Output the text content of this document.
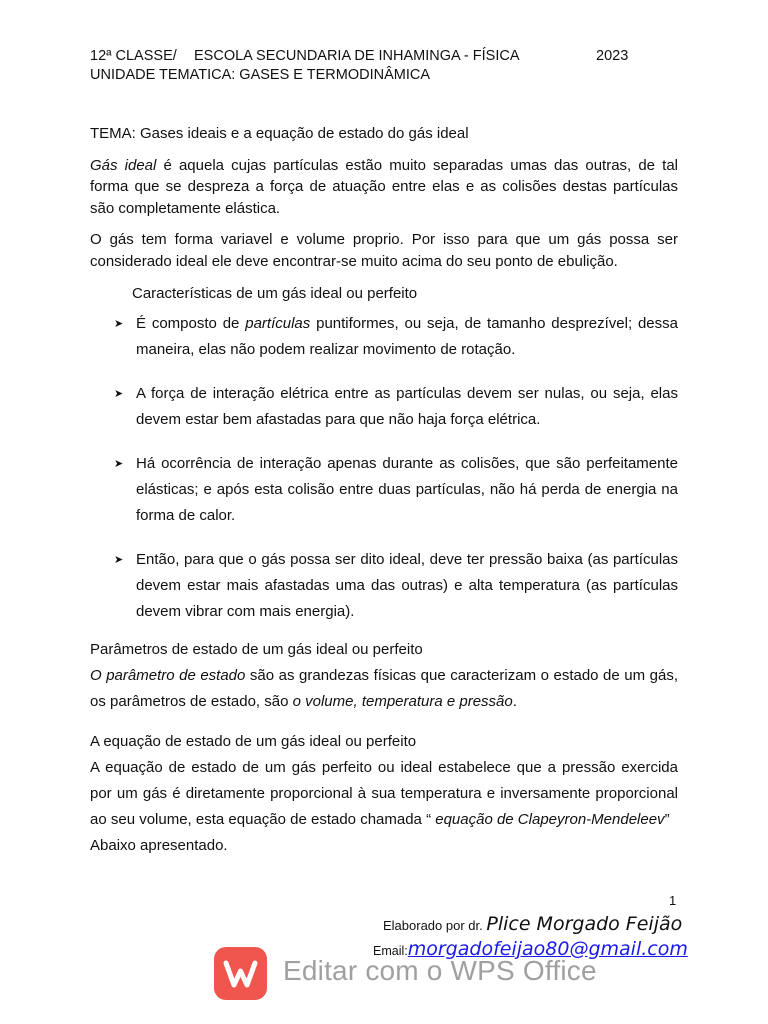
12ª CLASSE/	ESCOLA SECUNDARIA DE INHAMINGA - FÍSICA	2023
UNIDADE TEMATICA: GASES E TERMODINÂMICA

TEMA: Gases ideais e a equação de estado do gás ideal

Gás ideal é aquela cujas partículas estão muito separadas umas das outras, de tal forma que se despreza a força de atuação entre elas e as colisões destas partículas são completamente elástica.

O gás tem forma variavel e volume proprio. Por isso para que um gás possa ser considerado ideal ele deve encontrar-se muito acima do seu ponto de ebulição.

Características de um gás ideal ou perfeito

➤ É composto de partículas puntiformes, ou seja, de tamanho desprezível; dessa maneira, elas não podem realizar movimento de rotação.
➤ A força de interação elétrica entre as partículas devem ser nulas, ou seja, elas devem estar bem afastadas para que não haja força elétrica.
➤ Há ocorrência de interação apenas durante as colisões, que são perfeitamente elásticas; e após esta colisão entre duas partículas, não há perda de energia na forma de calor.
➤ Então, para que o gás possa ser dito ideal, deve ter pressão baixa (as partículas devem estar mais afastadas uma das outras) e alta temperatura (as partículas devem vibrar com mais energia).

Parâmetros de estado de um gás ideal ou perfeito

O parâmetro de estado são as grandezas físicas que caracterizam o estado de um gás, os parâmetros de estado, são o volume, temperatura e pressão.

A equação de estado de um gás ideal ou perfeito

A equação de estado de um gás perfeito ou ideal estabelece que a pressão exercida por um gás é diretamente proporcional à sua temperatura e inversamente proporcional ao seu volume, esta equação de estado chamada “ equação de Clapeyron-Mendeleev”

Abaixo apresentado.

1
Elaborado por dr. Plice Morgado Feijão
Email:morgadofeijao80@gmail.com
Editar com o WPS Office
